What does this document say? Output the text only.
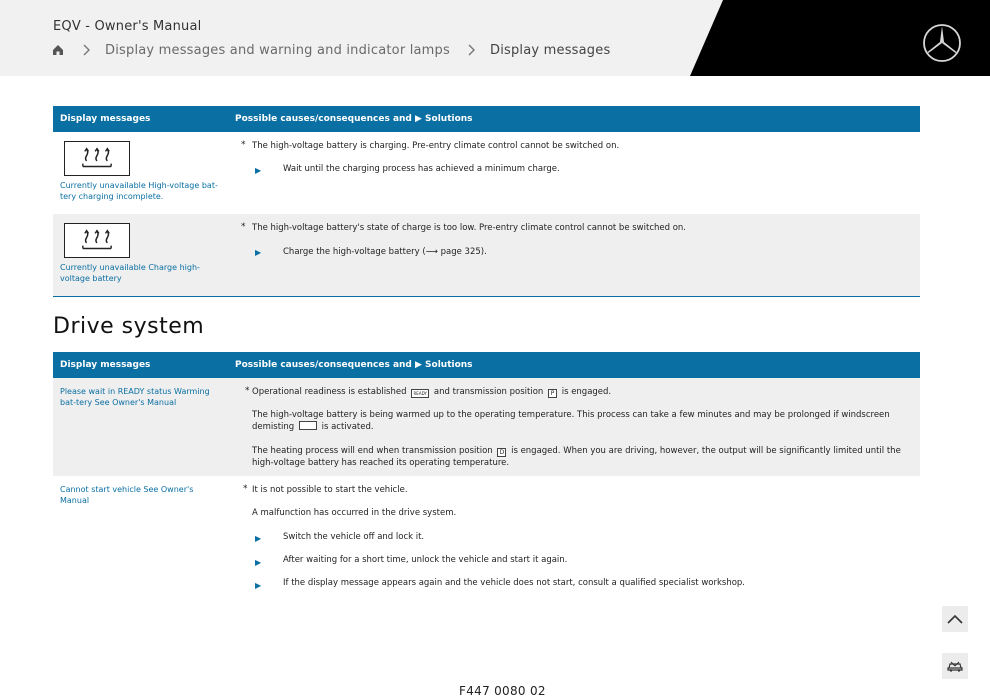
EQV - Owner's Manual
Display messages and warning and indicator lamps	Display messages
Display messages	Possible causes/consequences and ▶ Solutions
Currently unavailable High-voltage bat-tery charging incomplete.
* The high-voltage battery is charging. Pre-entry climate control cannot be switched on.
▶	Wait until the charging process has achieved a minimum charge.
Currently unavailable Charge high-voltage battery
* The high-voltage battery's state of charge is too low. Pre-entry climate control cannot be switched on.
▶	Charge the high-voltage battery (⟶ page 325).
Drive system
Display messages	Possible causes/consequences and ▶ Solutions
Please wait in READY status Warming bat-tery See Owner's Manual
* Operational readiness is established READY and transmission position P is engaged.
The high-voltage battery is being warmed up to the operating temperature. This process can take a few minutes and may be prolonged if windscreen demisting	is activated.
The heating process will end when transmission position D is engaged. When you are driving, however, the output will be significantly limited until the high-voltage battery has reached its operating temperature.
Cannot start vehicle See Owner's Manual
* It is not possible to start the vehicle.
A malfunction has occurred in the drive system.
▶	Switch the vehicle off and lock it.
▶	After waiting for a short time, unlock the vehicle and start it again.
▶	If the display message appears again and the vehicle does not start, consult a qualified specialist workshop.
F447 0080 02
